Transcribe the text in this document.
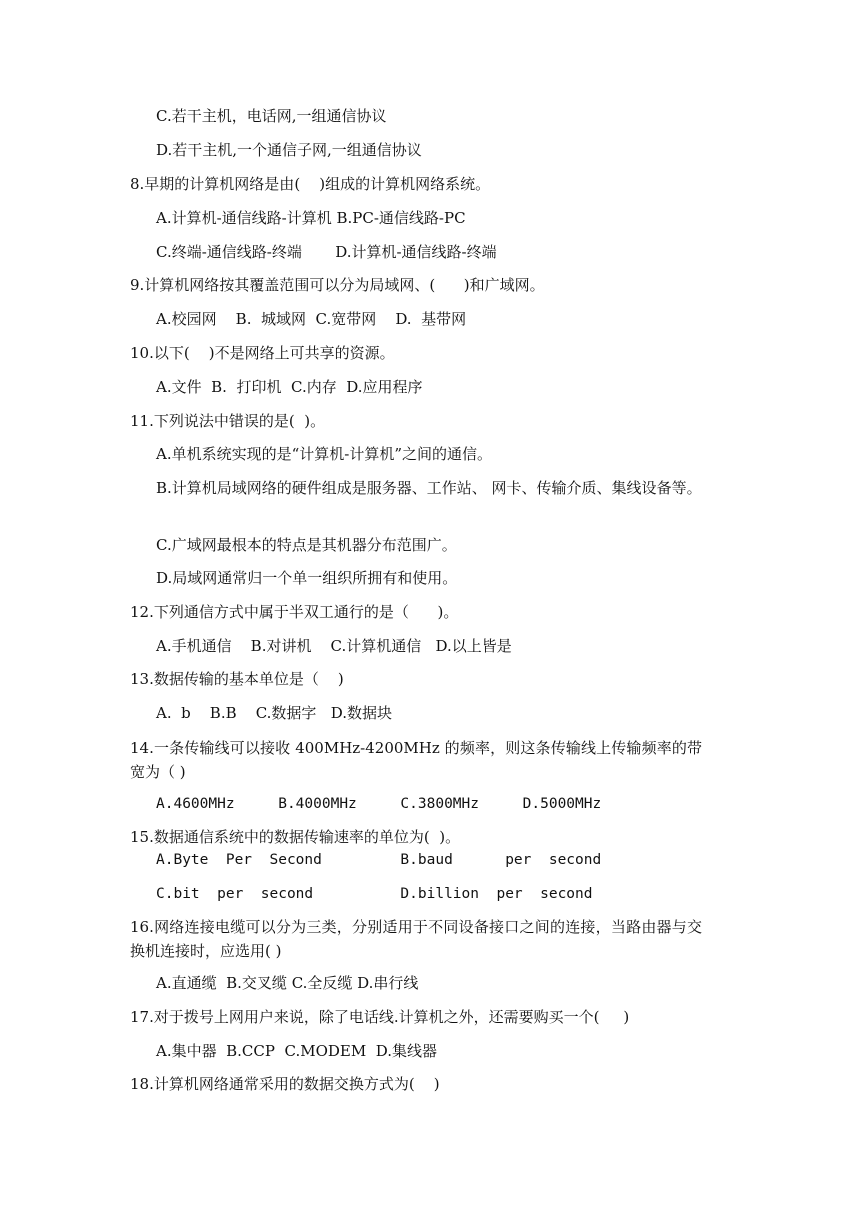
C.若干主机，电话网,一组通信协议
D.若干主机,一个通信子网,一组通信协议
8.早期的计算机网络是由(    )组成的计算机网络系统。
A.计算机-通信线路-计算机 B.PC-通信线路-PC
C.终端-通信线路-终端       D.计算机-通信线路-终端
9.计算机网络按其覆盖范围可以分为局域网、(      )和广域网。
A.校园网    B.  城域网  C.宽带网    D.  基带网
10.以下(    )不是网络上可共享的资源。
A.文件  B.  打印机  C.内存  D.应用程序
11.下列说法中错误的是(  )。
A.单机系统实现的是“计算机-计算机”之间的通信。
B.计算机局域网络的硬件组成是服务器、工作站、 网卡、传输介质、集线设备等。
C.广域网最根本的特点是其机器分布范围广。
D.局域网通常归一个单一组织所拥有和使用。
12.下列通信方式中属于半双工通行的是（      )。
A.手机通信    B.对讲机    C.计算机通信   D.以上皆是
13.数据传输的基本单位是（    )
A.  b    B.B    C.数据字   D.数据块
14.一条传输线可以接收 400MHz-4200MHz 的频率，则这条传输线上传输频率的带宽为（ )
A.4600MHz     B.4000MHz     C.3800MHz     D.5000MHz
15.数据通信系统中的数据传输速率的单位为(  )。
A.Byte  Per  Second         B.baud      per  second
C.bit  per  second          D.billion  per  second
16.网络连接电缆可以分为三类，分别适用于不同设备接口之间的连接，当路由器与交换机连接时，应选用( )
A.直通缆  B.交叉缆 C.全反缆 D.串行线
17.对于拨号上网用户来说，除了电话线.计算机之外，还需要购买一个(     )
A.集中器  B.CCP  C.MODEM  D.集线器
18.计算机网络通常采用的数据交换方式为(    )
